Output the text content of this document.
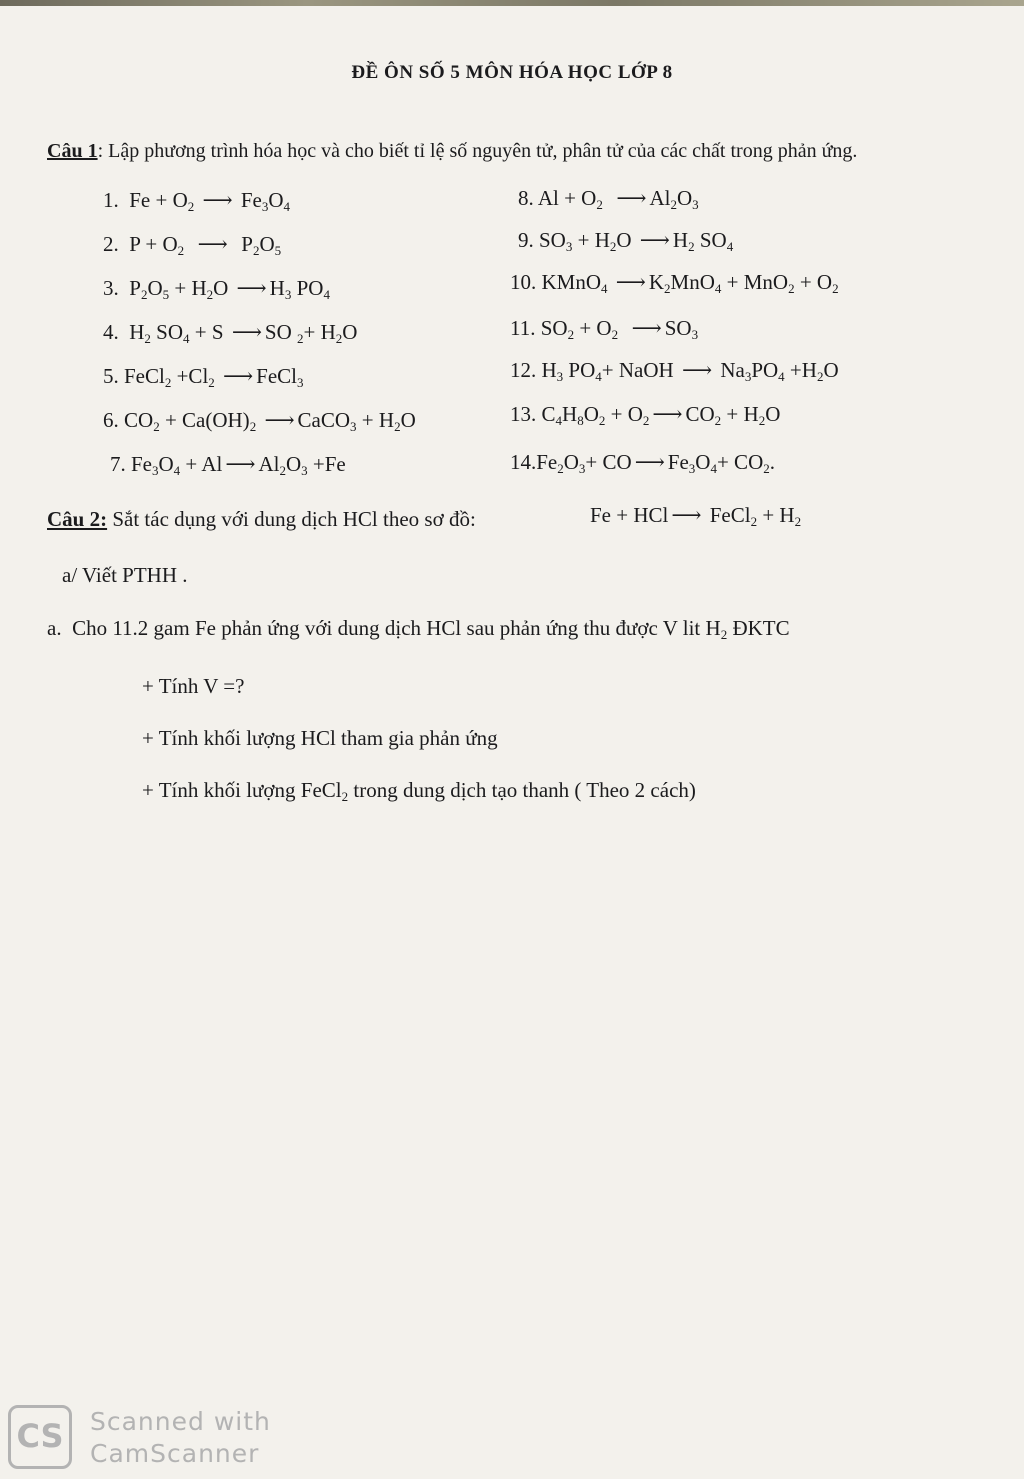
ĐỀ ÔN SỐ 5 MÔN HÓA HỌC LỚP 8
Câu 1: Lập phương trình hóa học và cho biết tỉ lệ số nguyên tử, phân tử của các chất trong phản ứng.
1.  $Fe + O_2$ ⟶ $Fe_3O_4$
2.  $P + O_2$ ⟶  $P_2O_5$
3.  $P_2O_5 + H_2O$ ⟶ $H_3$ $PO_4$
4.  $H_2$ $SO_4 + S$ ⟶ SO $_2+ H_2O$
5. FeCl$_2$ $+Cl_2$ ⟶ FeCl$_3$
6. $CO_2 + Ca(OH)_2$ ⟶ CaCO$_3$ + $H_2O$
7. $Fe_3O_4 + Al$ ⟶ $Al_2O_3 +Fe$
8. $Al + O_2$ ⟶ $Al_2O_3$
9. $SO_3 + H_2O$ ⟶ $H_2$ $SO_4$
10. KMnO$_4$ ⟶ $K_2MnO_4 + MnO_2 + O_2$
11. $SO_2 + O_2$ ⟶ $SO_3$
12. $H_3$ $PO_4+$ NaOH ⟶ $Na_3PO_4 +H_2O$
13. $C_4H_8O_2 + O_2$ ⟶ $CO_2 + H_2O$
$14.Fe_2O_3+$ CO ⟶ $Fe_3O_4+ CO_2$.
Câu 2: Sắt tác dụng với dung dịch HCl theo sơ đồ:	Fe + HCl ⟶ FeCl$_2$ + $H_2$
a/ Viết PTHH .
a. Cho 11.2 gam Fe phản ứng với dung dịch HCl sau phản ứng thu được V lit $H_2$ ĐKTC
+ Tính V =?
+ Tính khối lượng HCl tham gia phản ứng
+ Tính khối lượng FeCl$_2$ trong dung dịch tạo thanh ( Theo 2 cách)
CS	Scanned with
CamScanner
